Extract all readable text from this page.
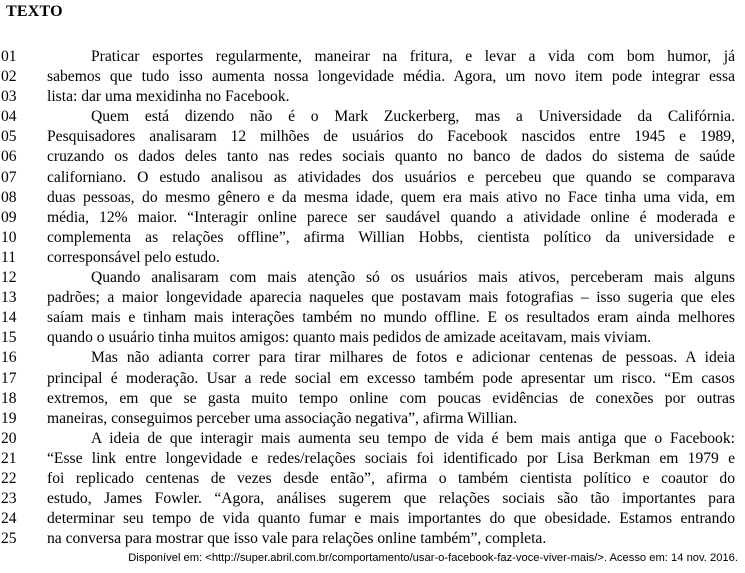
TEXTO
01	Praticar esportes regularmente, maneirar na fritura, e levar a vida com bom humor, já
02	sabemos que tudo isso aumenta nossa longevidade média. Agora, um novo item pode integrar essa
03	lista: dar uma mexidinha no Facebook.
04	Quem está dizendo não é o Mark Zuckerberg, mas a Universidade da Califórnia.
05	Pesquisadores analisaram 12 milhões de usuários do Facebook nascidos entre 1945 e 1989,
06	cruzando os dados deles tanto nas redes sociais quanto no banco de dados do sistema de saúde
07	californiano. O estudo analisou as atividades dos usuários e percebeu que quando se comparava
08	duas pessoas, do mesmo gênero e da mesma idade, quem era mais ativo no Face tinha uma vida, em
09	média, 12% maior. “Interagir online parece ser saudável quando a atividade online é moderada e
10	complementa as relações offline”, afirma Willian Hobbs, cientista político da universidade e
11	corresponsável pelo estudo.
12	Quando analisaram com mais atenção só os usuários mais ativos, perceberam mais alguns
13	padrões; a maior longevidade aparecia naqueles que postavam mais fotografias – isso sugeria que eles
14	saíam mais e tinham mais interações também no mundo offline. E os resultados eram ainda melhores
15	quando o usuário tinha muitos amigos: quanto mais pedidos de amizade aceitavam, mais viviam.
16	Mas não adianta correr para tirar milhares de fotos e adicionar centenas de pessoas. A ideia
17	principal é moderação. Usar a rede social em excesso também pode apresentar um risco. “Em casos
18	extremos, em que se gasta muito tempo online com poucas evidências de conexões por outras
19	maneiras, conseguimos perceber uma associação negativa”, afirma Willian.
20	A ideia de que interagir mais aumenta seu tempo de vida é bem mais antiga que o Facebook:
21	“Esse link entre longevidade e redes/relações sociais foi identificado por Lisa Berkman em 1979 e
22	foi replicado centenas de vezes desde então”, afirma o também cientista político e coautor do
23	estudo, James Fowler. “Agora, análises sugerem que relações sociais são tão importantes para
24	determinar seu tempo de vida quanto fumar e mais importantes do que obesidade. Estamos entrando
25	na conversa para mostrar que isso vale para relações online também”, completa.
Disponível em: <http://super.abril.com.br/comportamento/usar-o-facebook-faz-voce-viver-mais/>. Acesso em: 14 nov. 2016.
